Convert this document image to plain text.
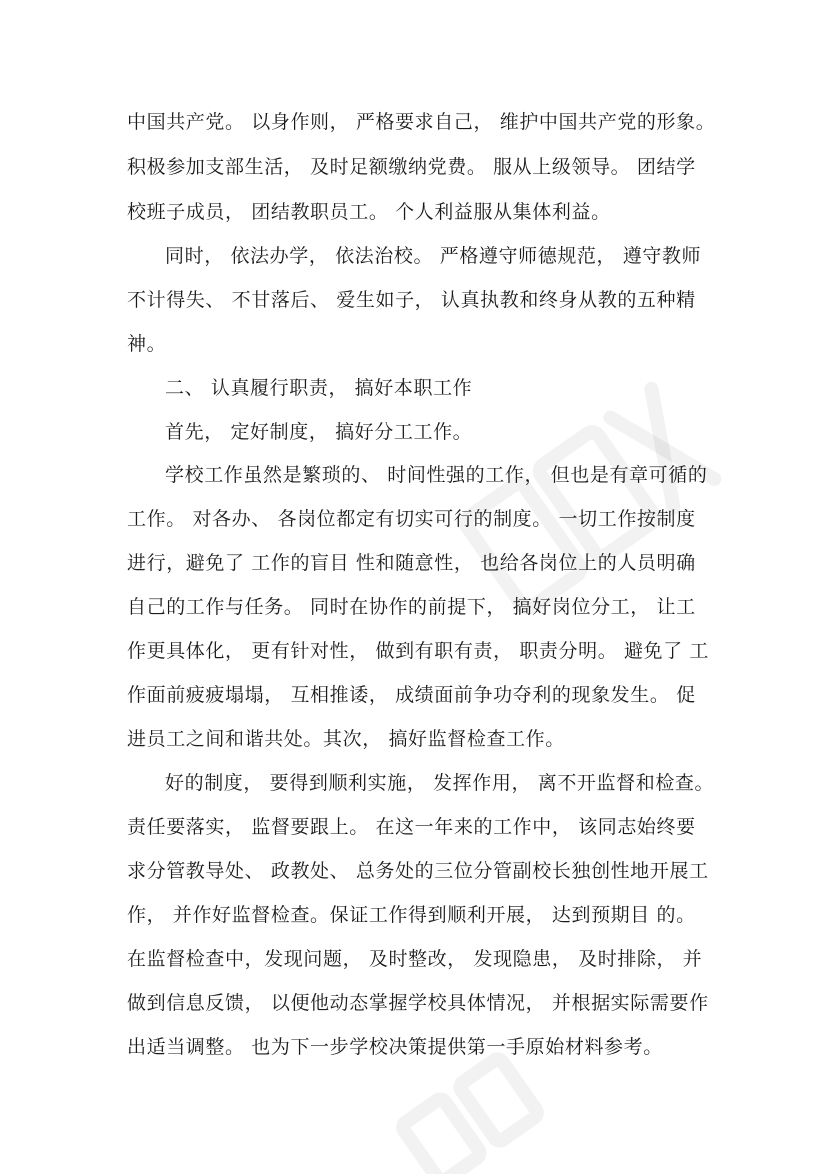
中国共产党。 以身作则， 严格要求自己， 维护中国共产党的形象。
积极参加支部生活， 及时足额缴纳党费。 服从上级领导。 团结学
校班子成员， 团结教职员工。 个人利益服从集体利益。
同时， 依法办学， 依法治校。 严格遵守师德规范， 遵守教师
不计得失、 不甘落后、 爱生如子， 认真执教和终身从教的五种精
神。
二、 认真履行职责， 搞好本职工作
首先， 定好制度， 搞好分工工作。
学校工作虽然是繁琐的、 时间性强的工作， 但也是有章可循的
工作。 对各办、 各岗位都定有切实可行的制度。 一切工作按制度
进行，避免了 工作的盲目 性和随意性， 也给各岗位上的人员明确
自己的工作与任务。 同时在协作的前提下， 搞好岗位分工， 让工
作更具体化， 更有针对性， 做到有职有责， 职责分明。 避免了 工
作面前疲疲塌塌， 互相推诿， 成绩面前争功夺利的现象发生。 促
进员工之间和谐共处。其次， 搞好监督检查工作。
好的制度， 要得到顺利实施， 发挥作用， 离不开监督和检查。
责任要落实， 监督要跟上。 在这一年来的工作中， 该同志始终要
求分管教导处、 政教处、 总务处的三位分管副校长独创性地开展工
作， 并作好监督检查。保证工作得到顺利开展， 达到预期目 的。
在监督检查中，发现问题， 及时整改， 发现隐患， 及时排除， 并
做到信息反馈， 以便他动态掌握学校具体情况， 并根据实际需要作
出适当调整。 也为下一步学校决策提供第一手原始材料参考。
